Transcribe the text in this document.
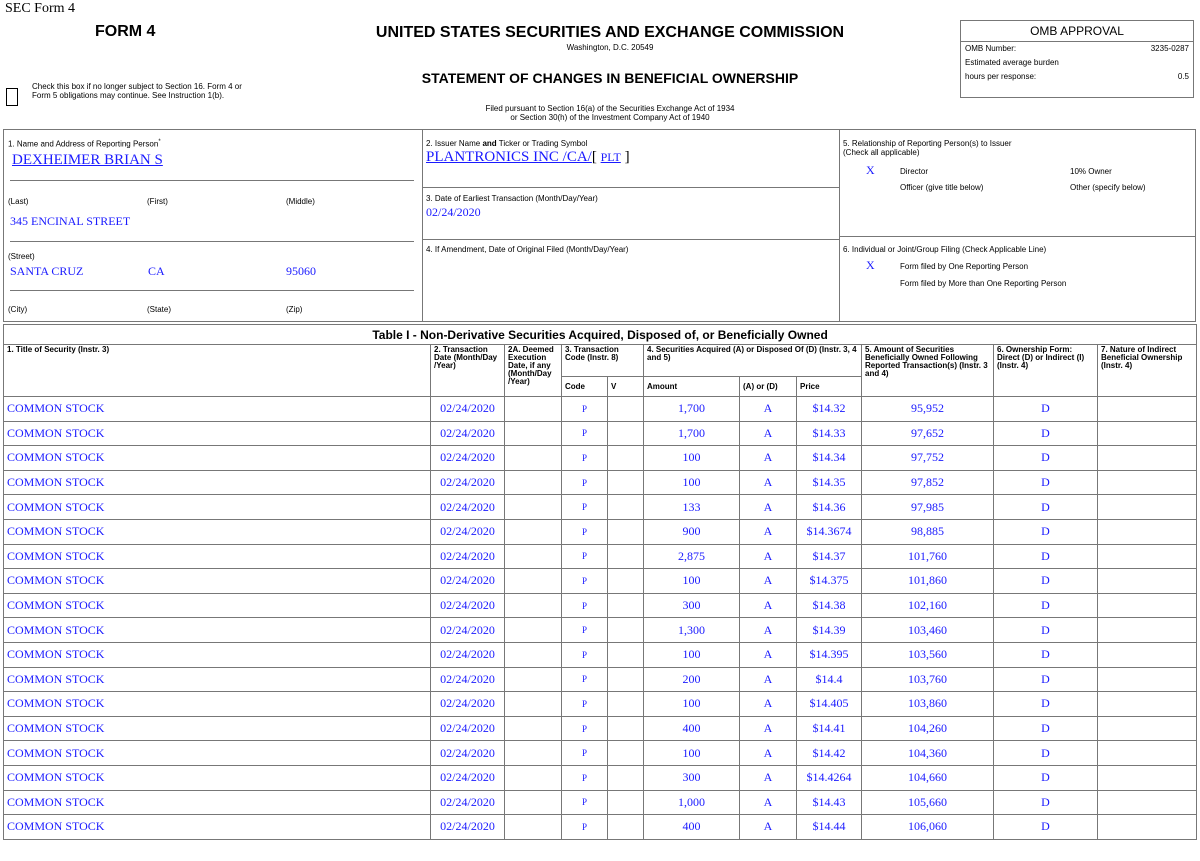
SEC Form 4
FORM 4
Check this box if no longer subject to Section 16. Form 4 or Form 5 obligations may continue. See Instruction 1(b).
UNITED STATES SECURITIES AND EXCHANGE COMMISSION
Washington, D.C. 20549
STATEMENT OF CHANGES IN BENEFICIAL OWNERSHIP
Filed pursuant to Section 16(a) of the Securities Exchange Act of 1934
or Section 30(h) of the Investment Company Act of 1940
OMB APPROVAL
OMB Number:	3235-0287
Estimated average burden
hours per response:	0.5
1. Name and Address of Reporting Person*
DEXHEIMER BRIAN S
(Last)	(First)	(Middle)
345 ENCINAL STREET
(Street)
SANTA CRUZ	CA	95060
(City)	(State)	(Zip)
2. Issuer Name and Ticker or Trading Symbol
PLANTRONICS INC /CA/[ PLT ]
3. Date of Earliest Transaction (Month/Day/Year)
02/24/2020
4. If Amendment, Date of Original Filed (Month/Day/Year)
5. Relationship of Reporting Person(s) to Issuer
(Check all applicable)
X	Director	10% Owner
Officer (give title below)	Other (specify below)
6. Individual or Joint/Group Filing (Check Applicable Line)
X	Form filed by One Reporting Person
Form filed by More than One Reporting Person
Table I - Non-Derivative Securities Acquired, Disposed of, or Beneficially Owned										
1. Title of Security (Instr. 3)	2. Transaction Date (Month/Day /Year)	2A. Deemed Execution Date, if any (Month/Day /Year)	3. Transaction Code (Instr. 8)		4. Securities Acquired (A) or Disposed Of (D) (Instr. 3, 4 and 5)			5. Amount of Securities Beneficially Owned Following Reported Transaction(s) (Instr. 3 and 4)	6. Ownership Form: Direct (D) or Indirect (I) (Instr. 4)	7. Nature of Indirect Beneficial Ownership (Instr. 4)
			Code	V	Amount	(A) or (D)	Price			
COMMON STOCK	02/24/2020		P		1,700	A	$14.32	95,952	D	
COMMON STOCK	02/24/2020		P		1,700	A	$14.33	97,652	D	
COMMON STOCK	02/24/2020		P		100	A	$14.34	97,752	D	
COMMON STOCK	02/24/2020		P		100	A	$14.35	97,852	D	
COMMON STOCK	02/24/2020		P		133	A	$14.36	97,985	D	
COMMON STOCK	02/24/2020		P		900	A	$14.3674	98,885	D	
COMMON STOCK	02/24/2020		P		2,875	A	$14.37	101,760	D	
COMMON STOCK	02/24/2020		P		100	A	$14.375	101,860	D	
COMMON STOCK	02/24/2020		P		300	A	$14.38	102,160	D	
COMMON STOCK	02/24/2020		P		1,300	A	$14.39	103,460	D	
COMMON STOCK	02/24/2020		P		100	A	$14.395	103,560	D	
COMMON STOCK	02/24/2020		P		200	A	$14.4	103,760	D	
COMMON STOCK	02/24/2020		P		100	A	$14.405	103,860	D	
COMMON STOCK	02/24/2020		P		400	A	$14.41	104,260	D	
COMMON STOCK	02/24/2020		P		100	A	$14.42	104,360	D	
COMMON STOCK	02/24/2020		P		300	A	$14.4264	104,660	D	
COMMON STOCK	02/24/2020		P		1,000	A	$14.43	105,660	D	
COMMON STOCK	02/24/2020		P		400	A	$14.44	106,060	D	
